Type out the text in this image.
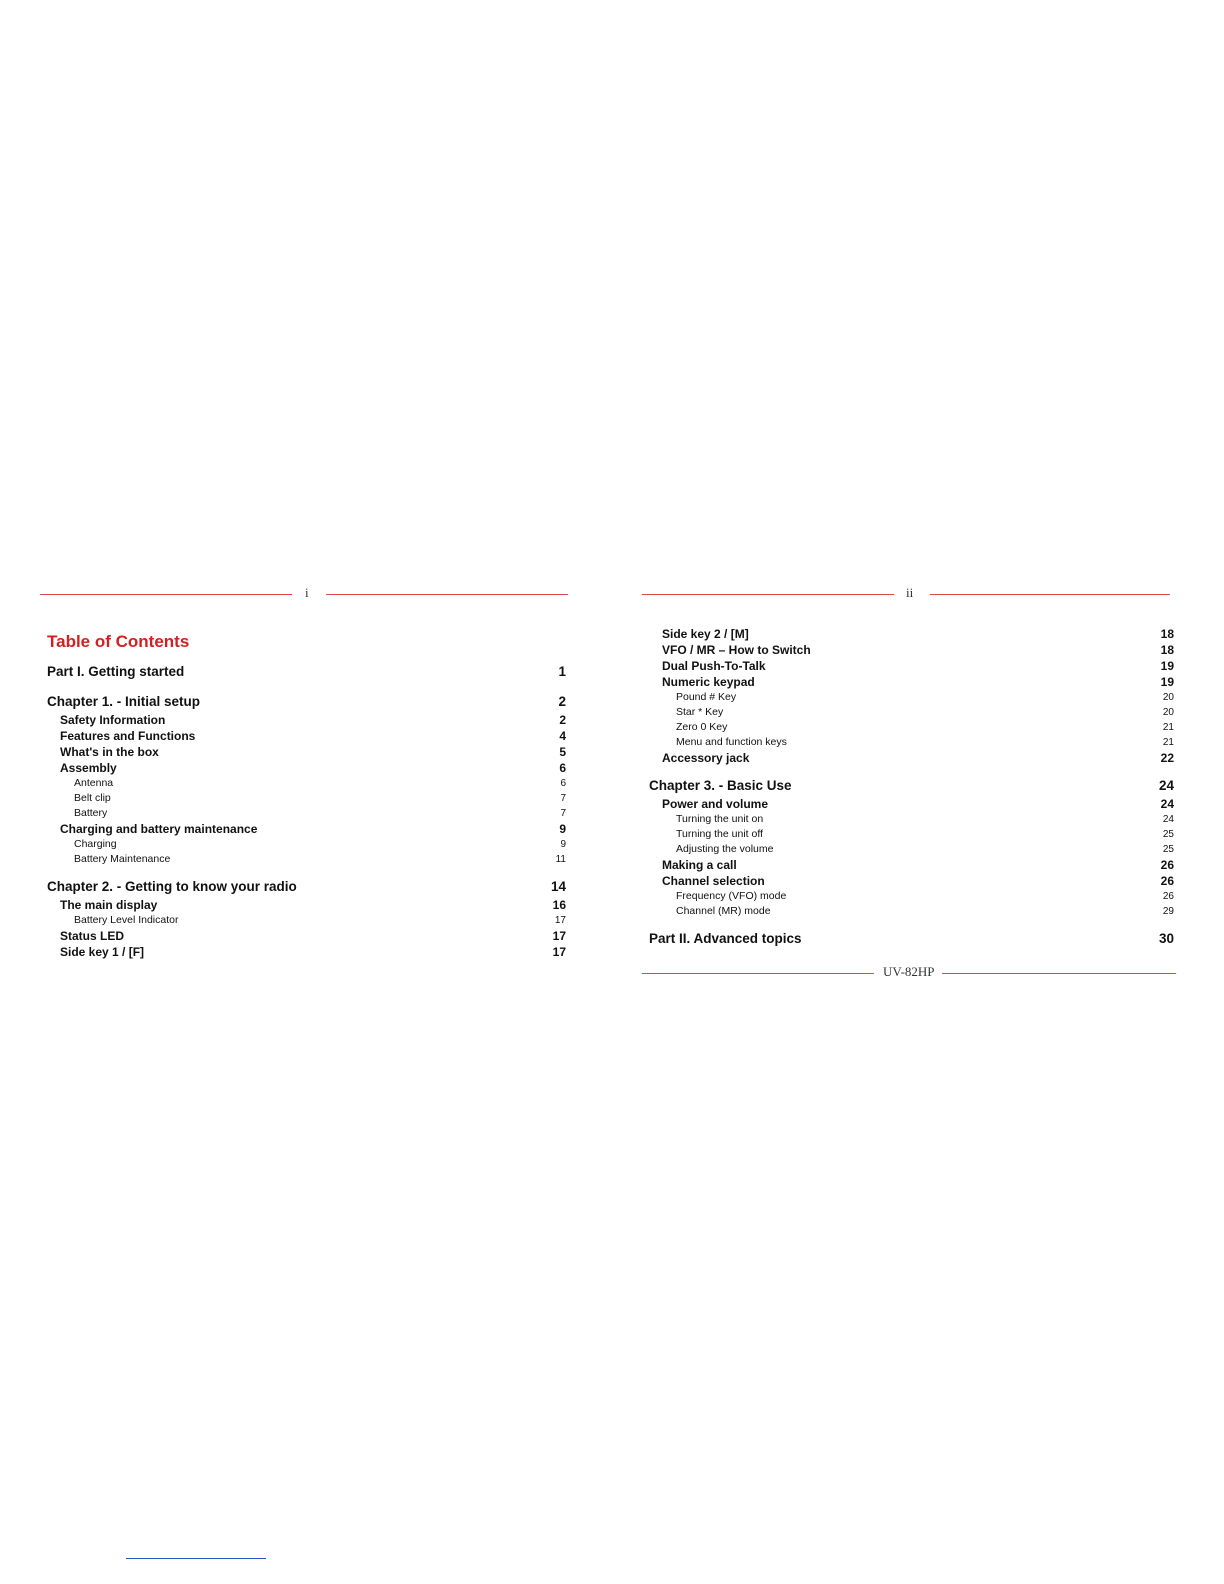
i
Table of Contents
Part I. Getting started	1
Chapter 1. - Initial setup	2
Safety Information	2
Features and Functions	4
What's in the box	5
Assembly	6
Antenna	6
Belt clip	7
Battery	7
Charging and battery maintenance	9
Charging	9
Battery Maintenance	11
Chapter 2. - Getting to know your radio	14
The main display	16
Battery Level Indicator	17
Status LED	17
Side key 1 / [F]	17
ii
Side key 2 / [M]	18
VFO / MR – How to Switch	18
Dual Push-To-Talk	19
Numeric keypad	19
Pound # Key	20
Star * Key	20
Zero 0 Key	21
Menu and function keys	21
Accessory jack	22
Chapter 3. - Basic Use	24
Power and volume	24
Turning the unit on	24
Turning the unit off	25
Adjusting the volume	25
Making a call	26
Channel selection	26
Frequency (VFO) mode	26
Channel (MR) mode	29
Part II. Advanced topics	30
UV-82HP
